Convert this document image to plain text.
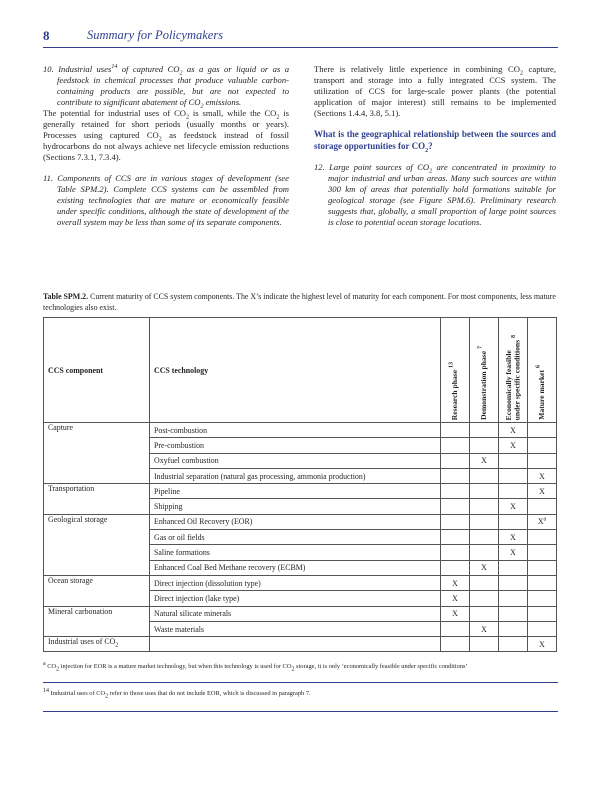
8	Summary for Policymakers

10. Industrial uses$^{14}$ of captured $CO_2$ as a gas or liquid or as a feedstock in chemical processes that produce valuable carbon-containing products are possible, but are not expected to contribute to significant abatement of $CO_2$ emissions.

The potential for industrial uses of $CO_2$ is small, while the $CO_2$ is generally retained for short periods (usually months or years). Processes using captured $CO_2$ as feedstock instead of fossil hydrocarbons do not always achieve net lifecycle emission reductions (Sections 7.3.1, 7.3.4).

11. Components of CCS are in various stages of development (see Table SPM.2). Complete CCS systems can be assembled from existing technologies that are mature or economically feasible under specific conditions, although the state of development of the overall system may be less than some of its separate components.

There is relatively little experience in combining $CO_2$ capture, transport and storage into a fully integrated CCS system. The utilization of CCS for large-scale power plants (the potential application of major interest) still remains to be implemented (Sections 1.4.4, 3.8, 5.1).

What is the geographical relationship between the sources and storage opportunities for $CO_2$?

12. Large point sources of $CO_2$ are concentrated in proximity to major industrial and urban areas. Many such sources are within 300 km of areas that potentially hold formations suitable for geological storage (see Figure SPM.6). Preliminary research suggests that, globally, a small proportion of large point sources is close to potential ocean storage locations.

Table SPM.2. Current maturity of CCS system components. The X’s indicate the highest level of maturity for each component. For most components, less mature technologies also exist.
CCS component	CCS technology	Research phase $^{13}$	Demonstration phase $^7$	Economically feasible
under specific conditions $^8$	Mature market $^6$
Capture	Post-combustion			X	
	Pre-combustion			X	
	Oxyfuel combustion		X		
	Industrial separation (natural gas processing, ammonia production)				X
Transportation	Pipeline				X
	Shipping			X	
Geological storage	Enhanced Oil Recovery (EOR)				$X^a$
	Gas or oil fields			X	
	Saline formations			X	
	Enhanced Coal Bed Methane recovery (ECBM)		X		
Ocean storage	Direct injection (dissolution type)	X			
	Direct injection (lake type)	X			
Mineral carbonation	Natural silicate minerals	X			
	Waste materials		X		
Industrial uses of $CO_2$					X
$^a$ $CO_2$ injection for EOR is a mature market technology, but when this technology is used for $CO_2$ storage, it is only ‘economically feasible under specific conditions’
$^{14}$ Industrial uses of $CO_2$ refer to those uses that do not include EOR, which is discussed in paragraph 7.
